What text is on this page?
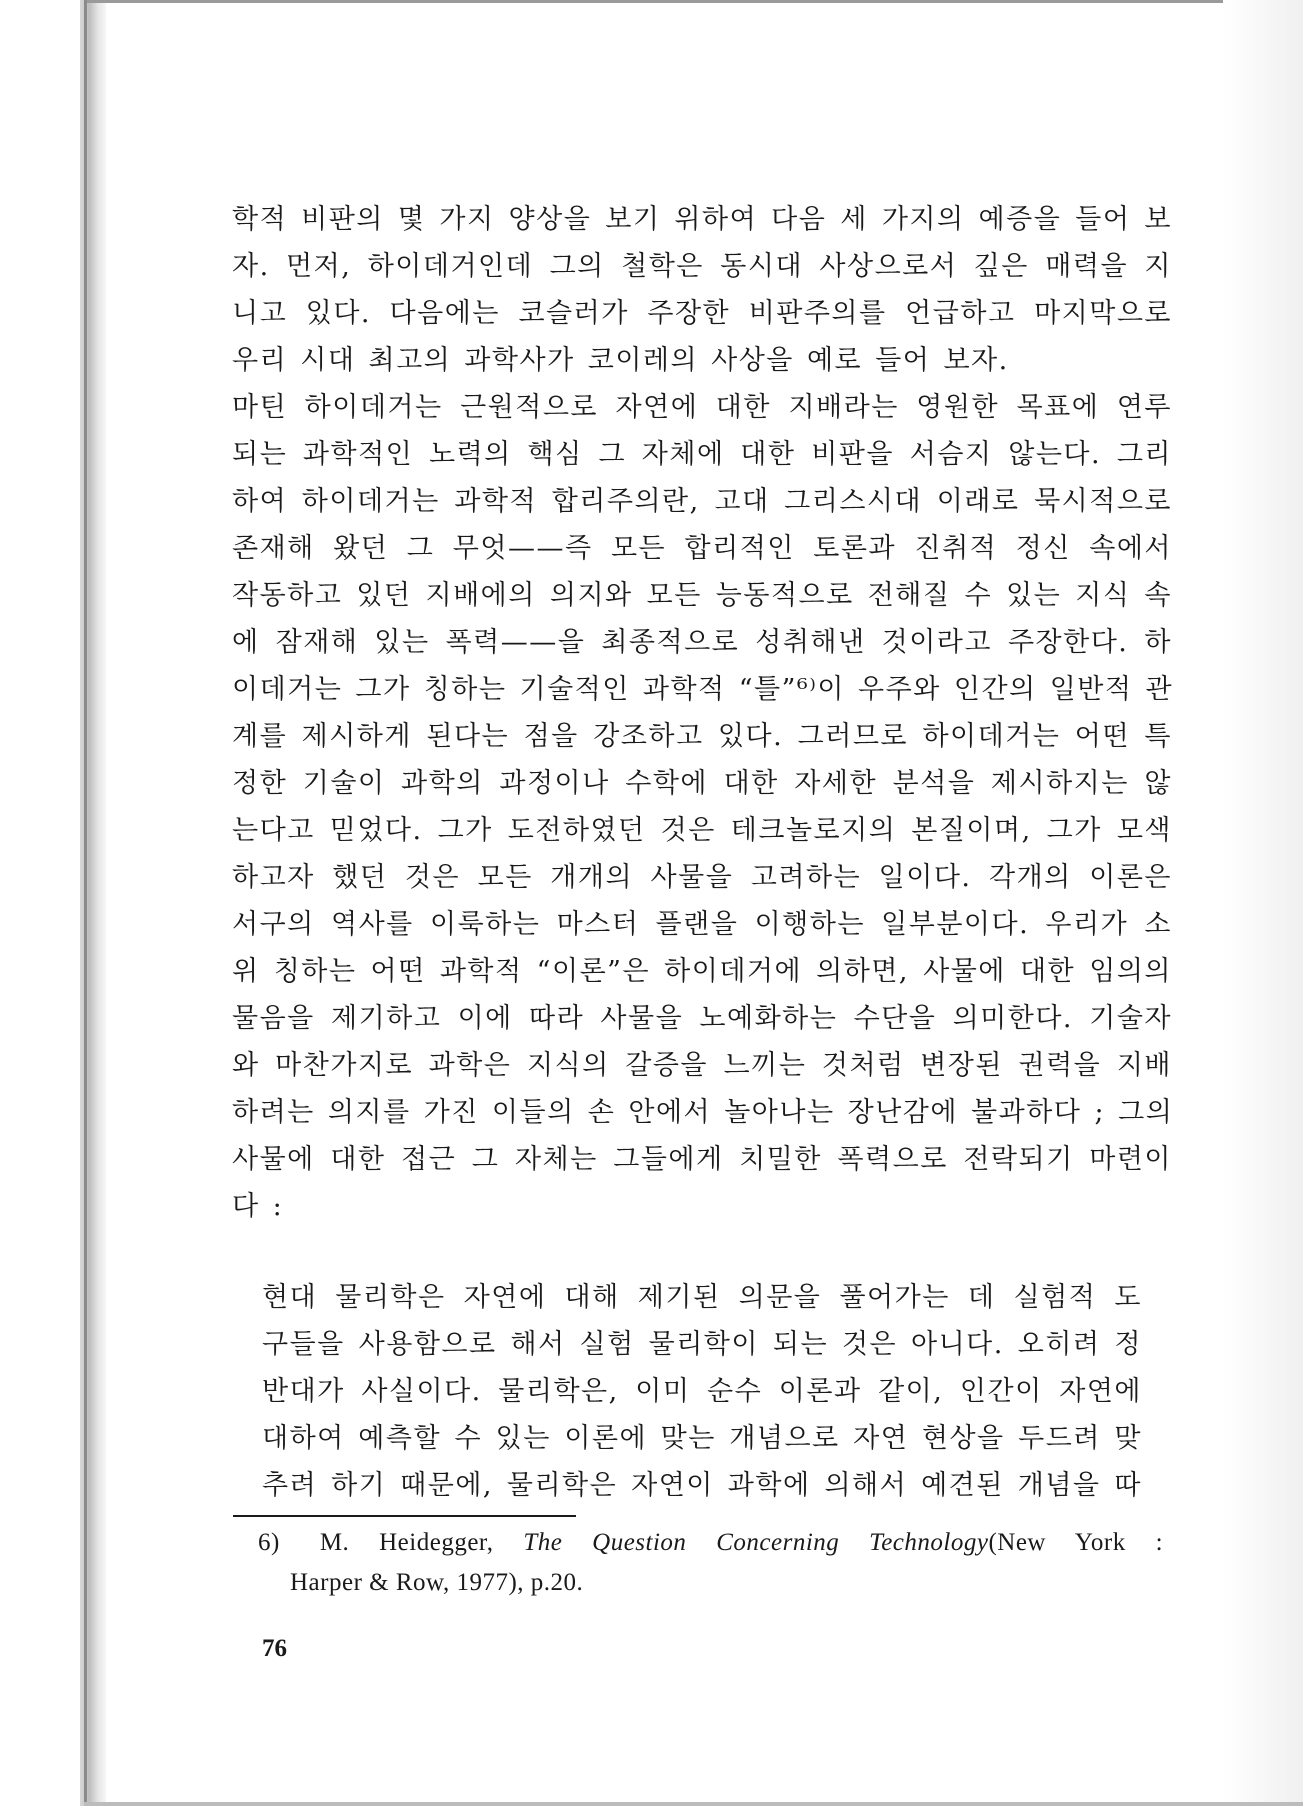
학적 비판의 몇 가지 양상을 보기 위하여 다음 세 가지의 예증을 들어 보
자. 먼저, 하이데거인데 그의 철학은 동시대 사상으로서 깊은 매력을 지
니고 있다. 다음에는 코슬러가 주장한 비판주의를 언급하고 마지막으로
우리 시대 최고의 과학사가 코이레의 사상을 예로 들어 보자.
마틴 하이데거는 근원적으로 자연에 대한 지배라는 영원한 목표에 연루
되는 과학적인 노력의 핵심 그 자체에 대한 비판을 서슴지 않는다. 그리
하여 하이데거는 과학적 합리주의란, 고대 그리스시대 이래로 묵시적으로
존재해 왔던 그 무엇——즉 모든 합리적인 토론과 진취적 정신 속에서
작동하고 있던 지배에의 의지와 모든 능동적으로 전해질 수 있는 지식 속
에 잠재해 있는 폭력——을 최종적으로 성취해낸 것이라고 주장한다. 하
이데거는 그가 칭하는 기술적인 과학적 “틀”⁶⁾이 우주와 인간의 일반적 관
계를 제시하게 된다는 점을 강조하고 있다. 그러므로 하이데거는 어떤 특
정한 기술이 과학의 과정이나 수학에 대한 자세한 분석을 제시하지는 않
는다고 믿었다. 그가 도전하였던 것은 테크놀로지의 본질이며, 그가 모색
하고자 했던 것은 모든 개개의 사물을 고려하는 일이다. 각개의 이론은
서구의 역사를 이룩하는 마스터 플랜을 이행하는 일부분이다. 우리가 소
위 칭하는 어떤 과학적 “이론”은 하이데거에 의하면, 사물에 대한 임의의
물음을 제기하고 이에 따라 사물을 노예화하는 수단을 의미한다. 기술자
와 마찬가지로 과학은 지식의 갈증을 느끼는 것처럼 변장된 권력을 지배
하려는 의지를 가진 이들의 손 안에서 놀아나는 장난감에 불과하다 ; 그의
사물에 대한 접근 그 자체는 그들에게 치밀한 폭력으로 전락되기 마련이
다 :
현대 물리학은 자연에 대해 제기된 의문을 풀어가는 데 실험적 도
구들을 사용함으로 해서 실험 물리학이 되는 것은 아니다. 오히려 정
반대가 사실이다. 물리학은, 이미 순수 이론과 같이, 인간이 자연에
대하여 예측할 수 있는 이론에 맞는 개념으로 자연 현상을 두드려 맞
추려 하기 때문에, 물리학은 자연이 과학에 의해서 예견된 개념을 따
6) M. Heidegger, The Question Concerning Technology(New York :
Harper & Row, 1977), p.20.
76
